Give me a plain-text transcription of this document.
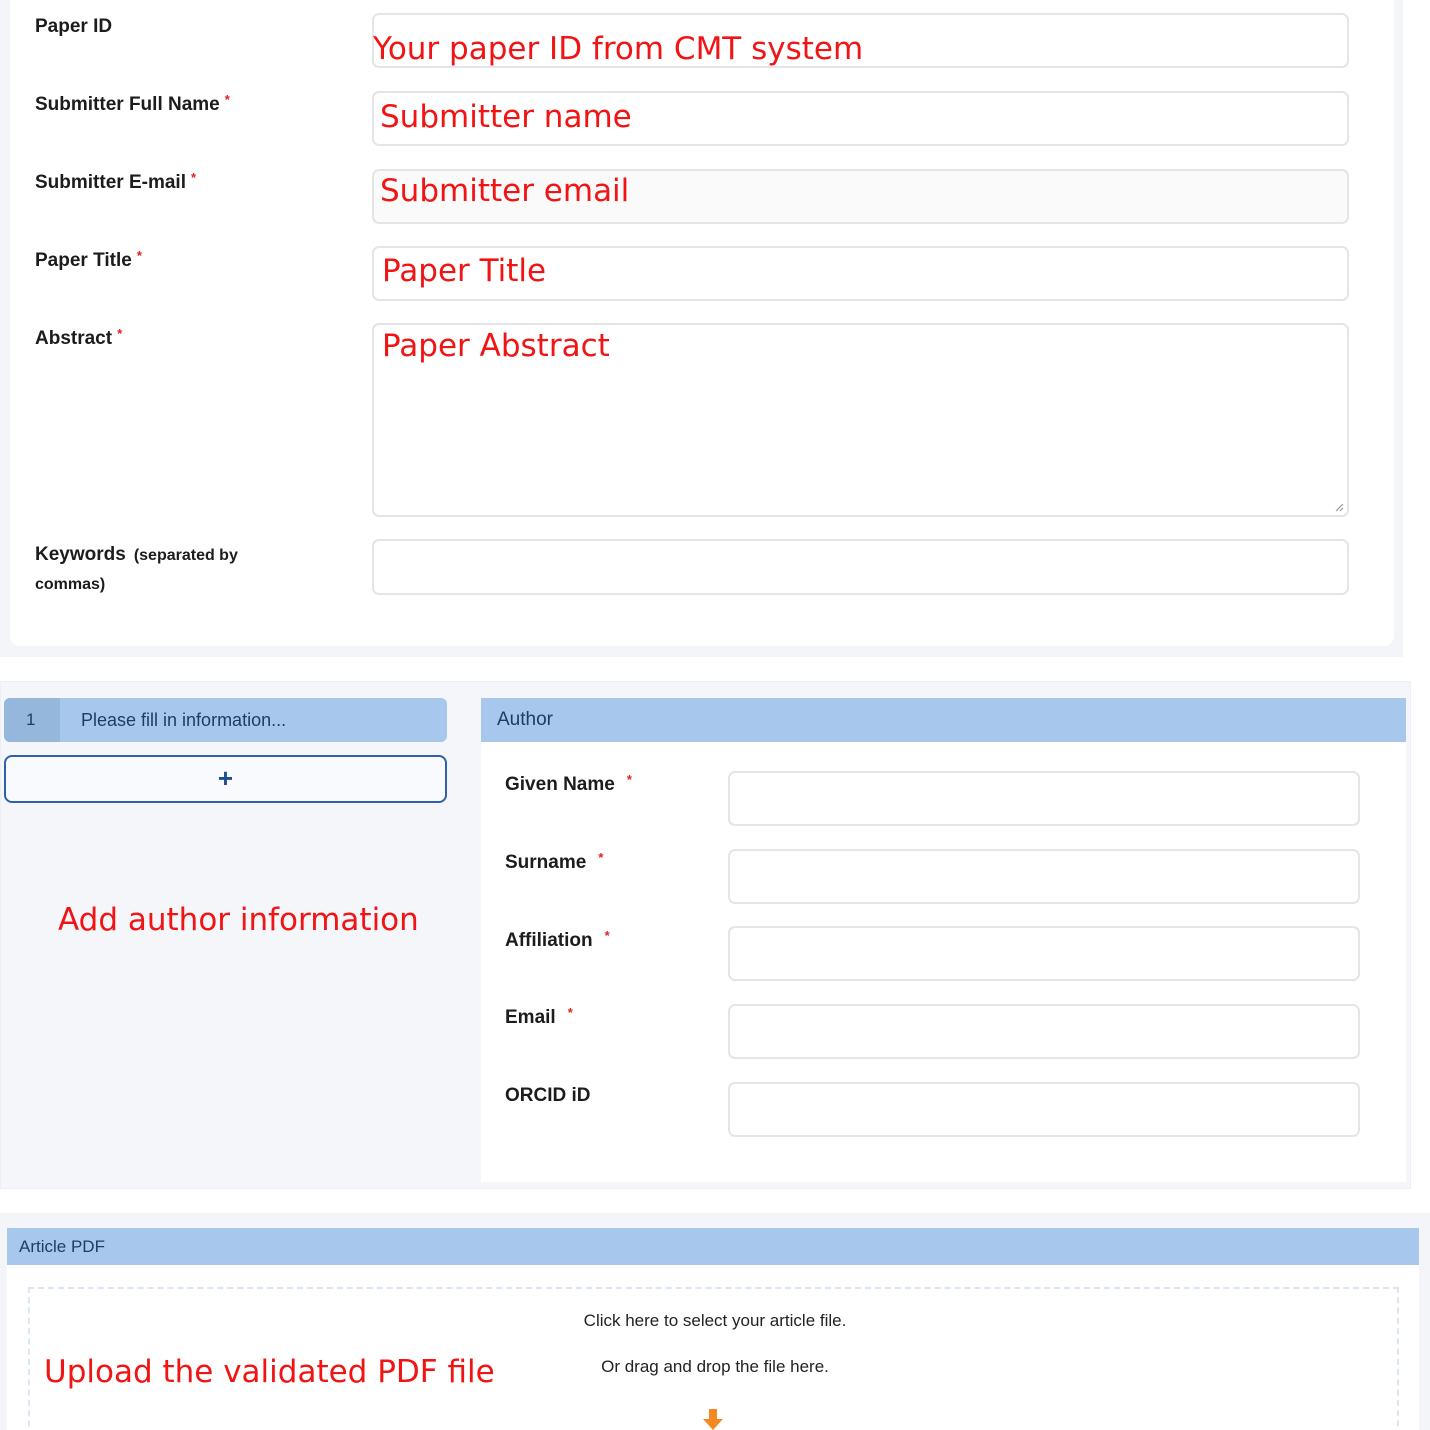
Paper ID
Submitter Full Name *
Submitter E-mail *
Paper Title *
Abstract *
Keywords (separated by
commas)
Your paper ID from CMT system
Submitter name
Submitter email
Paper Title
Paper Abstract
1	Please fill in information...
+
Add author information
Author
Given Name *
Surname *
Affiliation *
Email *
ORCID iD
Article PDF
Click here to select your article file.
Or drag and drop the file here.
Upload the validated PDF file
